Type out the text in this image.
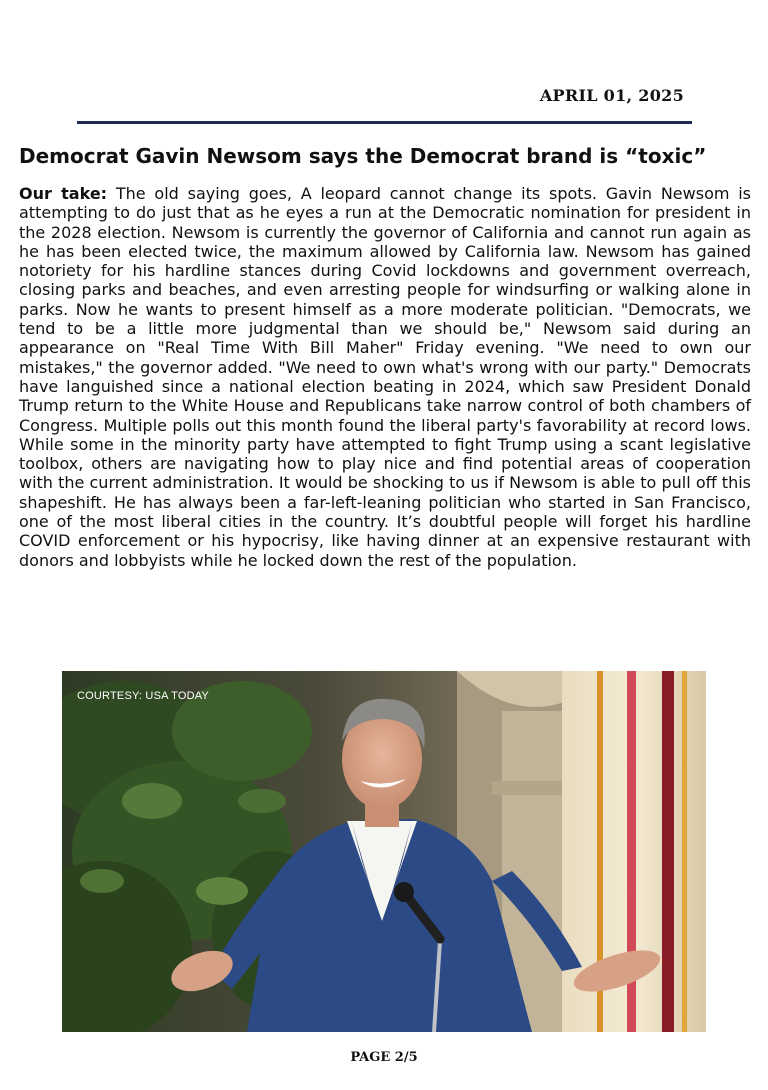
APRIL 01, 2025
Democrat Gavin Newsom says the Democrat brand is “toxic”

Our take: The old saying goes, A leopard cannot change its spots. Gavin Newsom is attempting to do just that as he eyes a run at the Democratic nomination for president in the 2028 election. Newsom is currently the governor of California and cannot run again as he has been elected twice, the maximum allowed by California law. Newsom has gained notoriety for his hardline stances during Covid lockdowns and government overreach, closing parks and beaches, and even arresting people for windsurfing or walking alone in parks. Now he wants to present himself as a more moderate politician. "Democrats, we tend to be a little more judgmental than we should be," Newsom said during an appearance on "Real Time With Bill Maher" Friday evening. "We need to own our mistakes," the governor added. "We need to own what's wrong with our party." Democrats have languished since a national election beating in 2024, which saw President Donald Trump return to the White House and Republicans take narrow control of both chambers of Congress. Multiple polls out this month found the liberal party's favorability at record lows. While some in the minority party have attempted to fight Trump using a scant legislative toolbox, others are navigating how to play nice and find potential areas of cooperation with the current administration. It would be shocking to us if Newsom is able to pull off this shapeshift. He has always been a far-left-leaning politician who started in San Francisco, one of the most liberal cities in the country. It’s doubtful people will forget his hardline COVID enforcement or his hypocrisy, like having dinner at an expensive restaurant with donors and lobbyists while he locked down the rest of the population.

COURTESY: USA TODAY
PAGE 2/5
